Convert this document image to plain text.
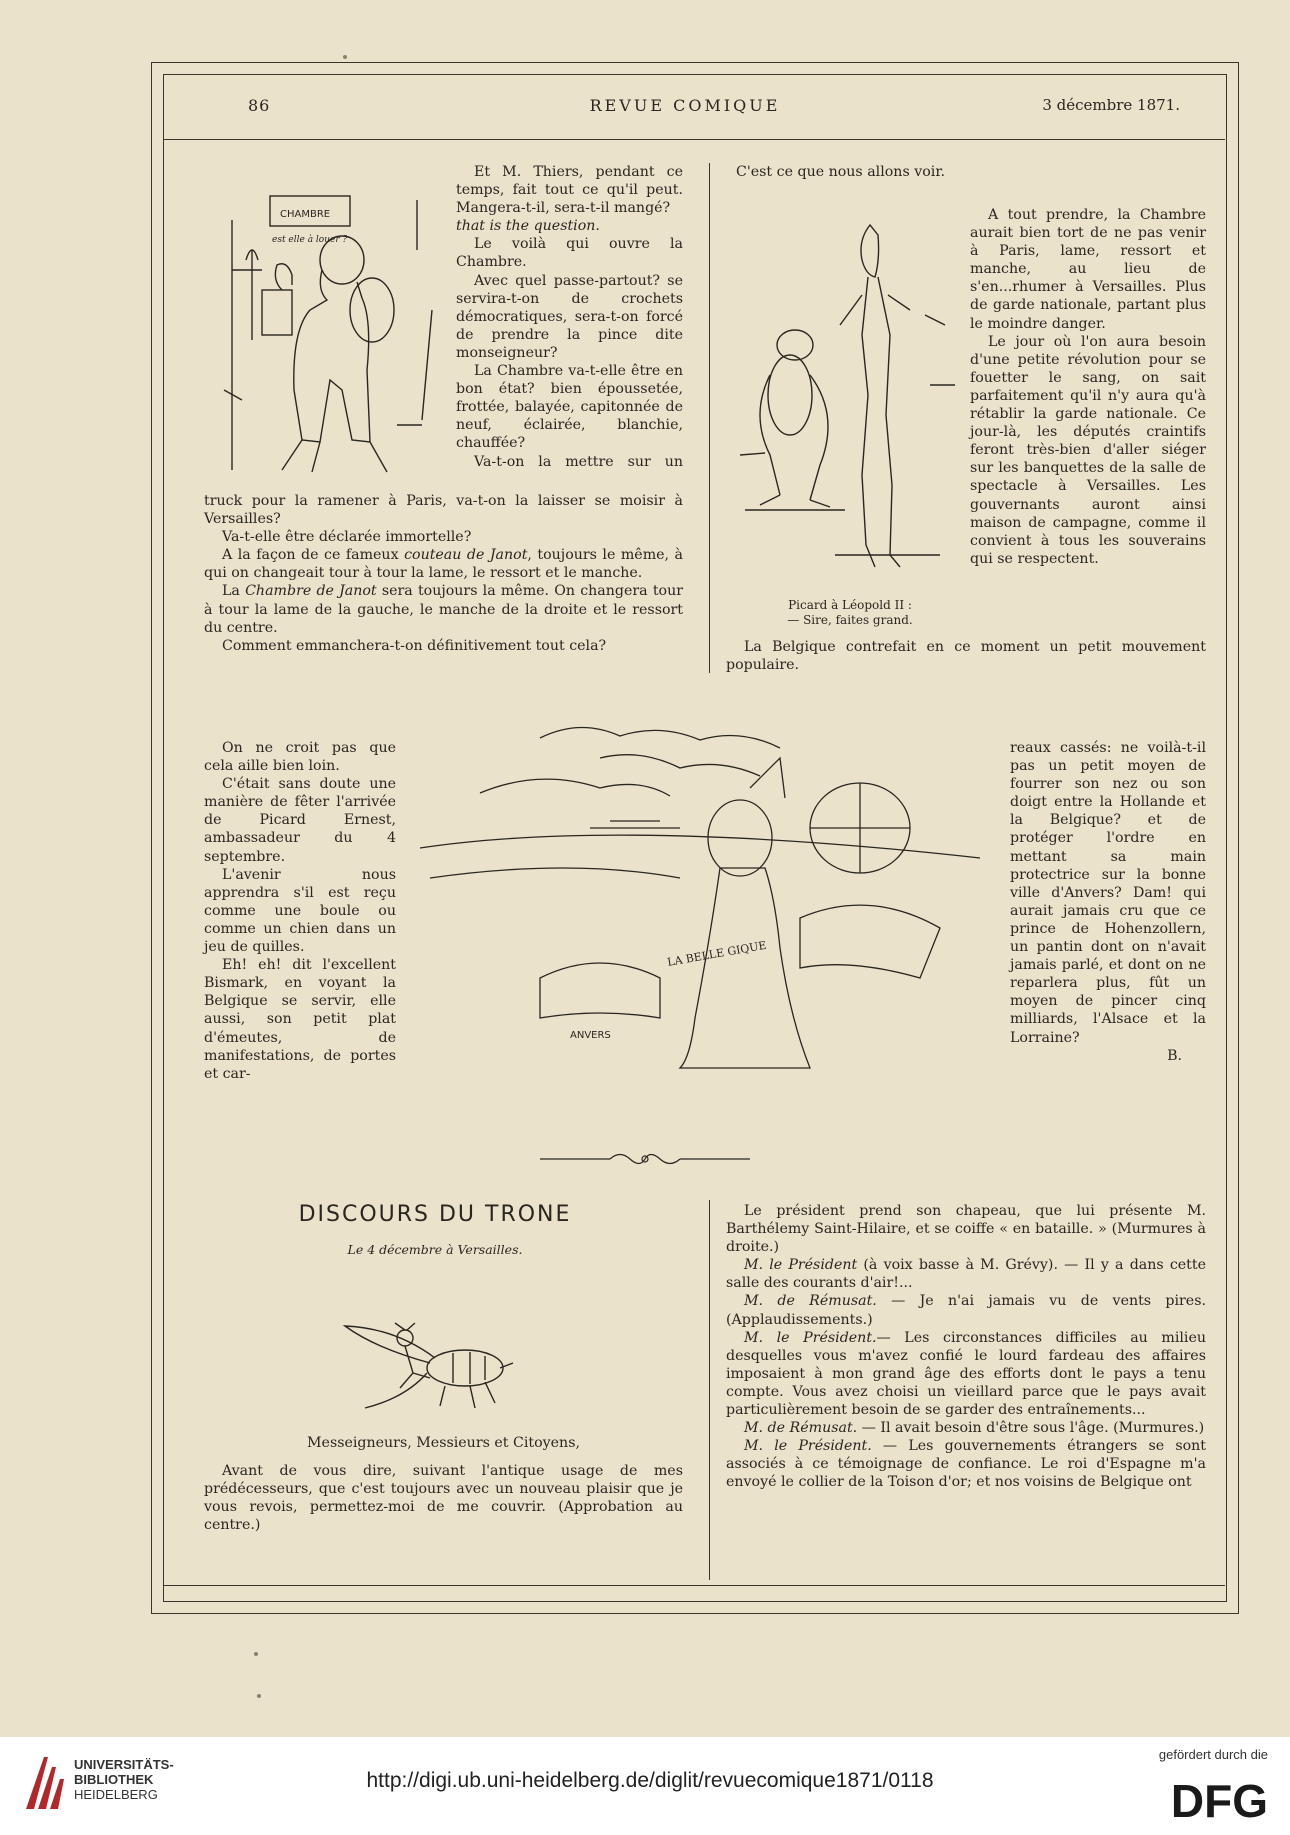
86	REVUE COMIQUE	3 décembre 1871.
CHAMBRE
est elle à louer ?

Et M. Thiers, pendant ce temps, fait tout ce qu'il peut. Mangera-t-il, sera-t-il mangé?

that is the question.

Le voilà qui ouvre la Chambre.

Avec quel passe-partout? se servira-t-on de crochets démocratiques, sera-t-on forcé de prendre la pince dite monseigneur?

La Chambre va-t-elle être en bon état? bien époussetée, frottée, balayée, capitonnée de neuf, éclairée, blanchie, chauffée?

Va-t-on la mettre sur un

truck pour la ramener à Paris, va-t-on la laisser se moisir à Versailles?

Va-t-elle être déclarée immortelle?

A la façon de ce fameux couteau de Janot, toujours le même, à qui on changeait tour à tour la lame, le ressort et le manche.

La Chambre de Janot sera toujours la même. On changera tour à tour la lame de la gauche, le manche de la droite et le ressort du centre.

Comment emmanchera-t-on définitivement tout cela?

C'est ce que nous allons voir.

A tout prendre, la Chambre aurait bien tort de ne pas venir à Paris, lame, ressort et manche, au lieu de s'en...rhumer à Versailles. Plus de garde nationale, partant plus le moindre danger.

Le jour où l'on aura besoin d'une petite révolution pour se fouetter le sang, on sait parfaitement qu'il n'y aura qu'à rétablir la garde nationale. Ce jour-là, les députés craintifs feront très-bien d'aller siéger sur les banquettes de la salle de spectacle à Versailles. Les gouvernants auront ainsi maison de campagne, comme il convient à tous les souverains qui se respectent.

Picard à Léopold II :
— Sire, faites grand.

La Belgique contrefait en ce moment un petit mouvement populaire.

On ne croit pas que cela aille bien loin.

C'était sans doute une manière de fêter l'arrivée de Picard Ernest, ambassadeur du 4 septembre.

L'avenir nous apprendra s'il est reçu comme une boule ou comme un chien dans un jeu de quilles.

Eh! eh! dit l'excellent Bismark, en voyant la Belgique se servir, elle aussi, son petit plat d'émeutes, de manifestations, de portes et car-

LA BELLE GIQUE
ANVERS

reaux cassés: ne voilà-t-il pas un petit moyen de fourrer son nez ou son doigt entre la Hollande et la Belgique? et de protéger l'ordre en mettant sa main protectrice sur la bonne ville d'Anvers? Dam! qui aurait jamais cru que ce prince de Hohenzollern, un pantin dont on n'avait jamais parlé, et dont on ne reparlera plus, fût un moyen de pincer cinq milliards, l'Alsace et la Lorraine?

B.

DISCOURS DU TRONE
Le 4 décembre à Versailles.

Messeigneurs, Messieurs et Citoyens,

Avant de vous dire, suivant l'antique usage de mes prédécesseurs, que c'est toujours avec un nouveau plaisir que je vous revois, permettez-moi de me couvrir. (Approbation au centre.)

Le président prend son chapeau, que lui présente M. Barthélemy Saint-Hilaire, et se coiffe « en bataille. » (Murmures à droite.)

M. le Président (à voix basse à M. Grévy). — Il y a dans cette salle des courants d'air!...

M. de Rémusat. — Je n'ai jamais vu de vents pires. (Applaudissements.)

M. le Président.— Les circonstances difficiles au milieu desquelles vous m'avez confié le lourd fardeau des affaires imposaient à mon grand âge des efforts dont le pays a tenu compte. Vous avez choisi un vieillard parce que le pays avait particulièrement besoin de se garder des entraînements...

M. de Rémusat. — Il avait besoin d'être sous l'âge. (Murmures.)

M. le Président. — Les gouvernements étrangers se sont associés à ce témoignage de confiance. Le roi d'Espagne m'a envoyé le collier de la Toison d'or; et nos voisins de Belgique ont

UNIVERSITÄTS-
BIBLIOTHEK
HEIDELBERG
http://digi.ub.uni-heidelberg.de/diglit/revuecomique1871/0118
gefördert durch die
DFG
